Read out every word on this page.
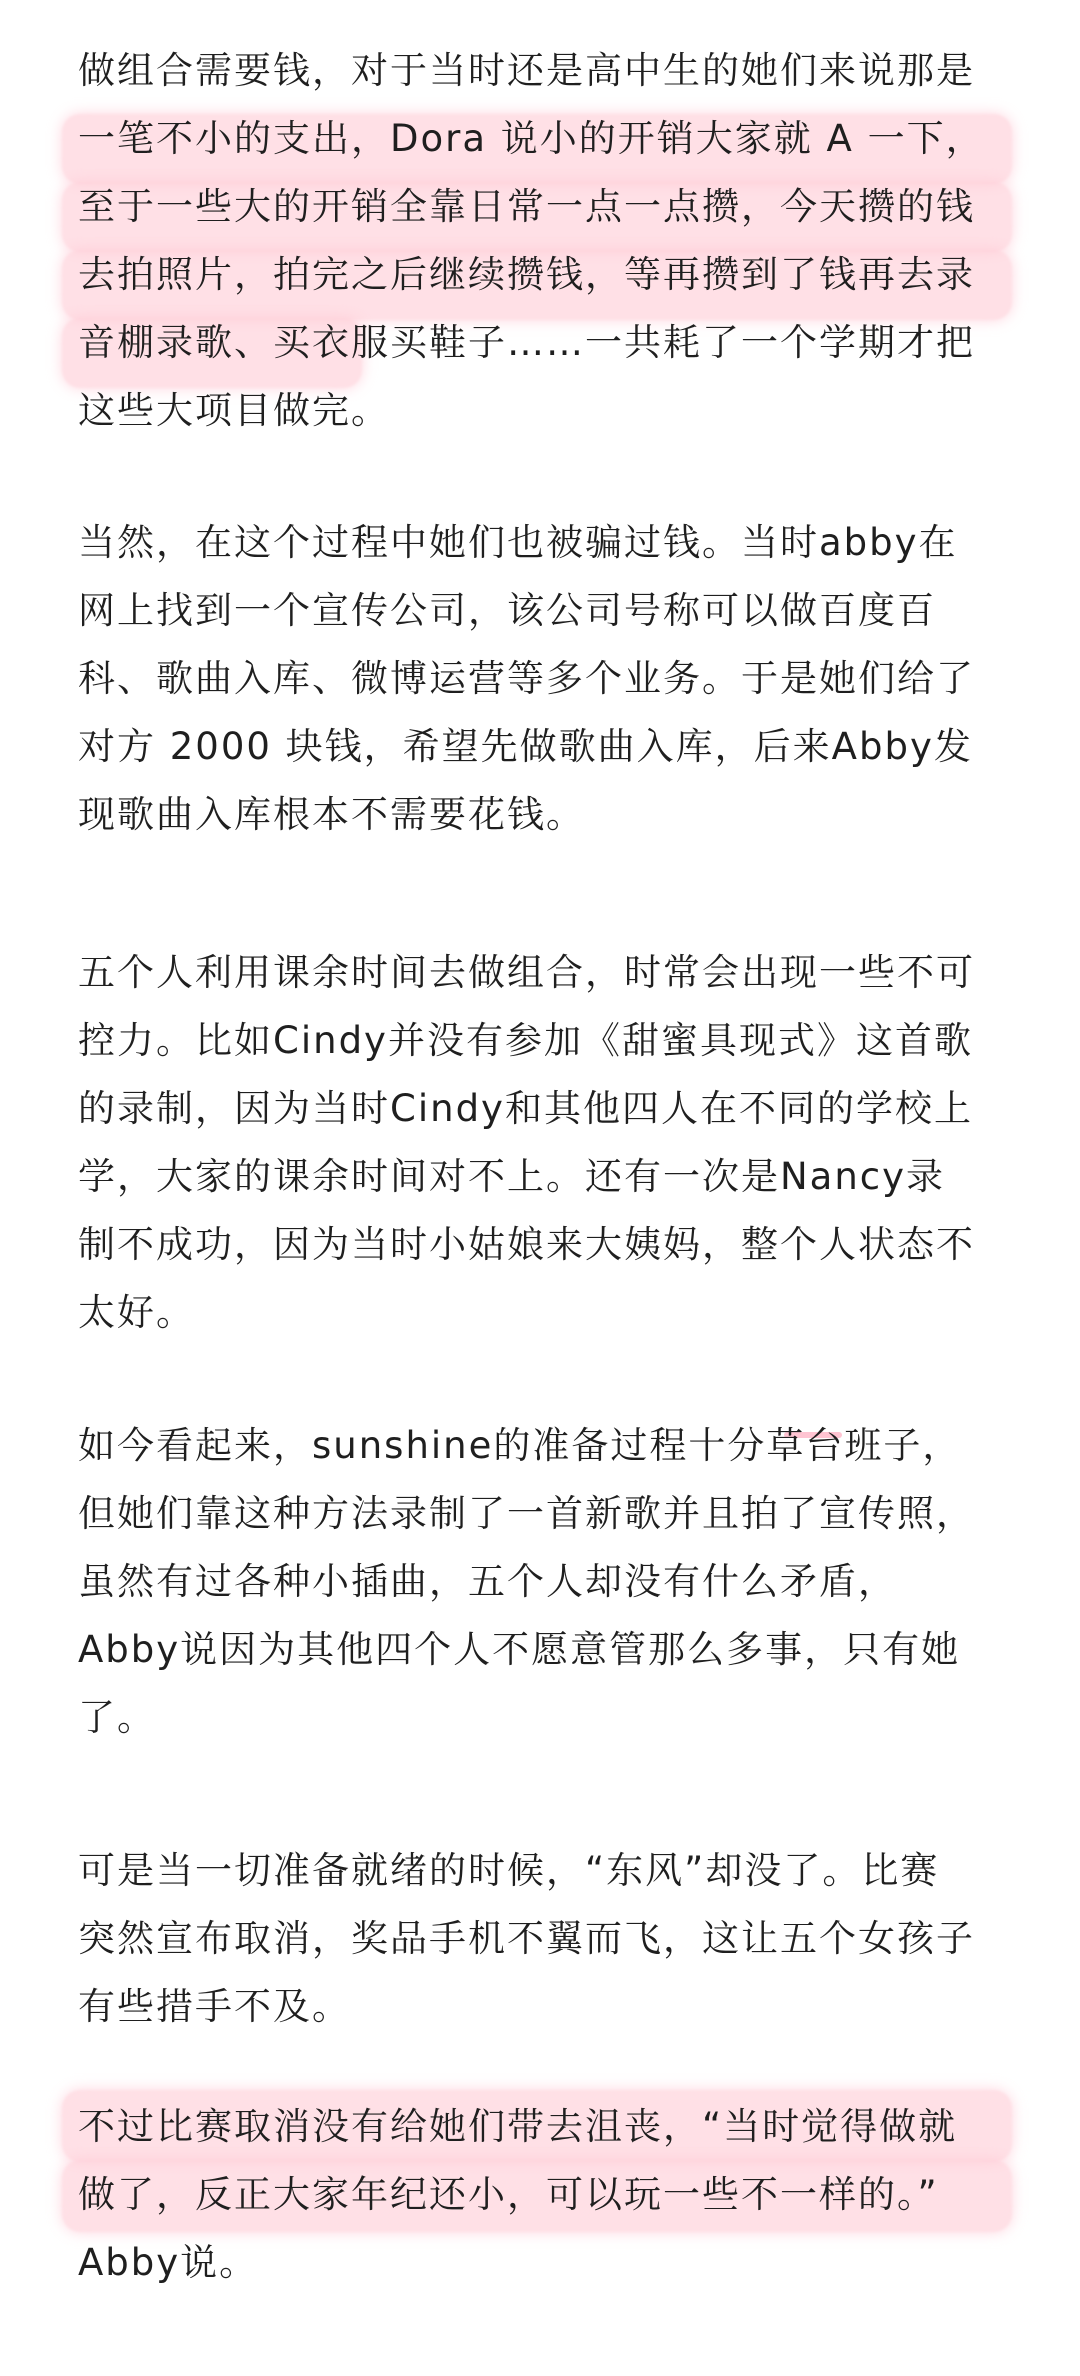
做组合需要钱，对于当时还是高中生的她们来说那是
一笔不小的支出，Dora 说小的开销大家就 A 一下，
至于一些大的开销全靠日常一点一点攒，今天攒的钱
去拍照片，拍完之后继续攒钱，等再攒到了钱再去录
音棚录歌、买衣服买鞋子……一共耗了一个学期才把
这些大项目做完。
当然，在这个过程中她们也被骗过钱。当时abby在
网上找到一个宣传公司，该公司号称可以做百度百
科、歌曲入库、微博运营等多个业务。于是她们给了
对方 2000 块钱，希望先做歌曲入库，后来Abby发
现歌曲入库根本不需要花钱。
五个人利用课余时间去做组合，时常会出现一些不可
控力。比如Cindy并没有参加《甜蜜具现式》这首歌
的录制，因为当时Cindy和其他四人在不同的学校上
学，大家的课余时间对不上。还有一次是Nancy录
制不成功，因为当时小姑娘来大姨妈，整个人状态不
太好。
如今看起来，sunshine的准备过程十分草台班子，
但她们靠这种方法录制了一首新歌并且拍了宣传照，
虽然有过各种小插曲，五个人却没有什么矛盾，
Abby说因为其他四个人不愿意管那么多事，只有她
了。
可是当一切准备就绪的时候，“东风”却没了。比赛
突然宣布取消，奖品手机不翼而飞，这让五个女孩子
有些措手不及。
不过比赛取消没有给她们带去沮丧，“当时觉得做就
做了，反正大家年纪还小，可以玩一些不一样的。”
Abby说。
